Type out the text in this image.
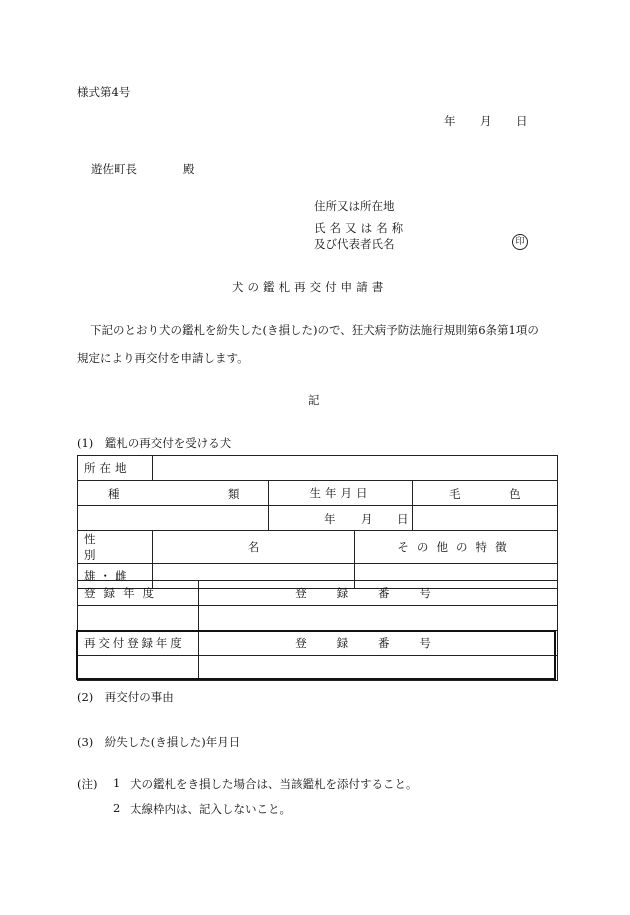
様式第4号
年 月 日
遊佐町長	殿
住所又は所在地
氏名又は名称
及び代表者氏名	印
犬の鑑札再交付申請書
下記のとおり犬の鑑札を紛失した(き損した)ので、狂犬病予防法施行規則第6条第1項の
規定により再交付を申請します。
記
(1)　鑑札の再交付を受ける犬
所在地			

種 類		生年月日	毛 色

		年 月 日	

性別	名	その他の特徴
雄・雌		
登録年度	登録番号

再交付登録年度	登録番号

(2)　再交付の事由
(3)　紛失した(き損した)年月日
(注) 1 犬の鑑札をき損した場合は、当該鑑札を添付すること。
2 太線枠内は、記入しないこと。
